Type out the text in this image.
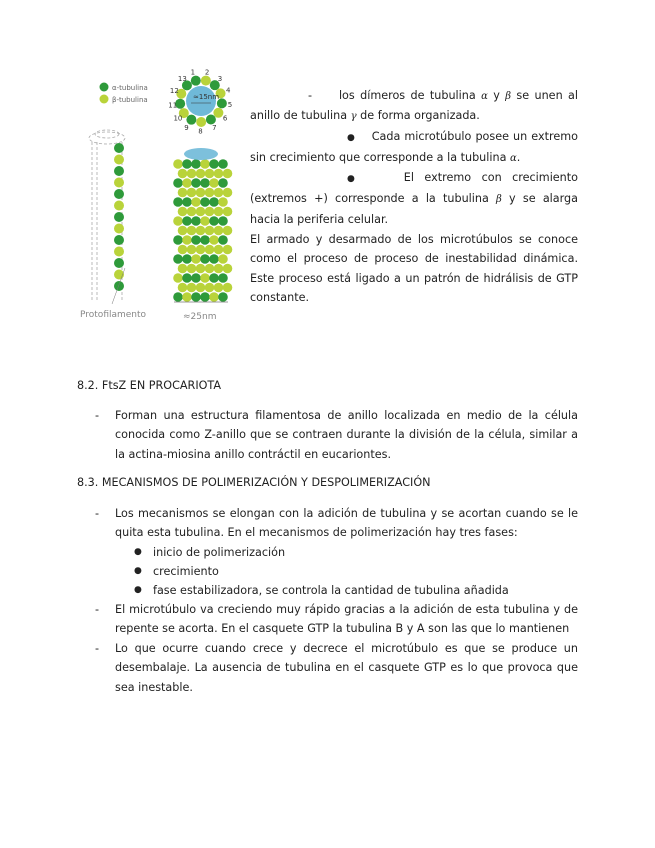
α-tubulina
β-tubulina	≈15nm
1 2
3
4
5
6
7
8
9
10
11
12
13
Protofilamento	≈25nm

- los dímeros de tubulina α y β se unen al anillo de tubulina γ de forma organizada.

● Cada microtúbulo posee un extremo sin crecimiento que corresponde a la tubulina α.

●	El extremo con crecimiento (extremos +) corresponde a la tubulina β y se alarga hacia la periferia celular.

El armado y desarmado de los microtúbulos se conoce como el proceso de proceso de inestabilidad dinámica. Este proceso está ligado a un patrón de hidrálisis de GTP constante.

8.2. FtsZ EN PROCARIOTA
- Forman una estructura filamentosa de anillo localizada en medio de la célula conocida como Z-anillo que se contraen durante la división de la célula, similar a la actina-miosina anillo contráctil en eucariontes.
8.3. MECANISMOS DE POLIMERIZACIÓN Y DESPOLIMERIZACIÓN
- Los mecanismos se elongan con la adición de tubulina y se acortan cuando se le quita esta tubulina. En el mecanismos de polimerización hay tres fases:
● inicio de polimerización
● crecimiento
● fase estabilizadora, se controla la cantidad de tubulina añadida
- El microtúbulo va creciendo muy rápido gracias a la adición de esta tubulina y de repente se acorta. En el casquete GTP la tubulina B y A son las que lo mantienen
- Lo que ocurre cuando crece y decrece el microtúbulo es que se produce un desembalaje. La ausencia de tubulina en el casquete GTP es lo que provoca que sea inestable.
